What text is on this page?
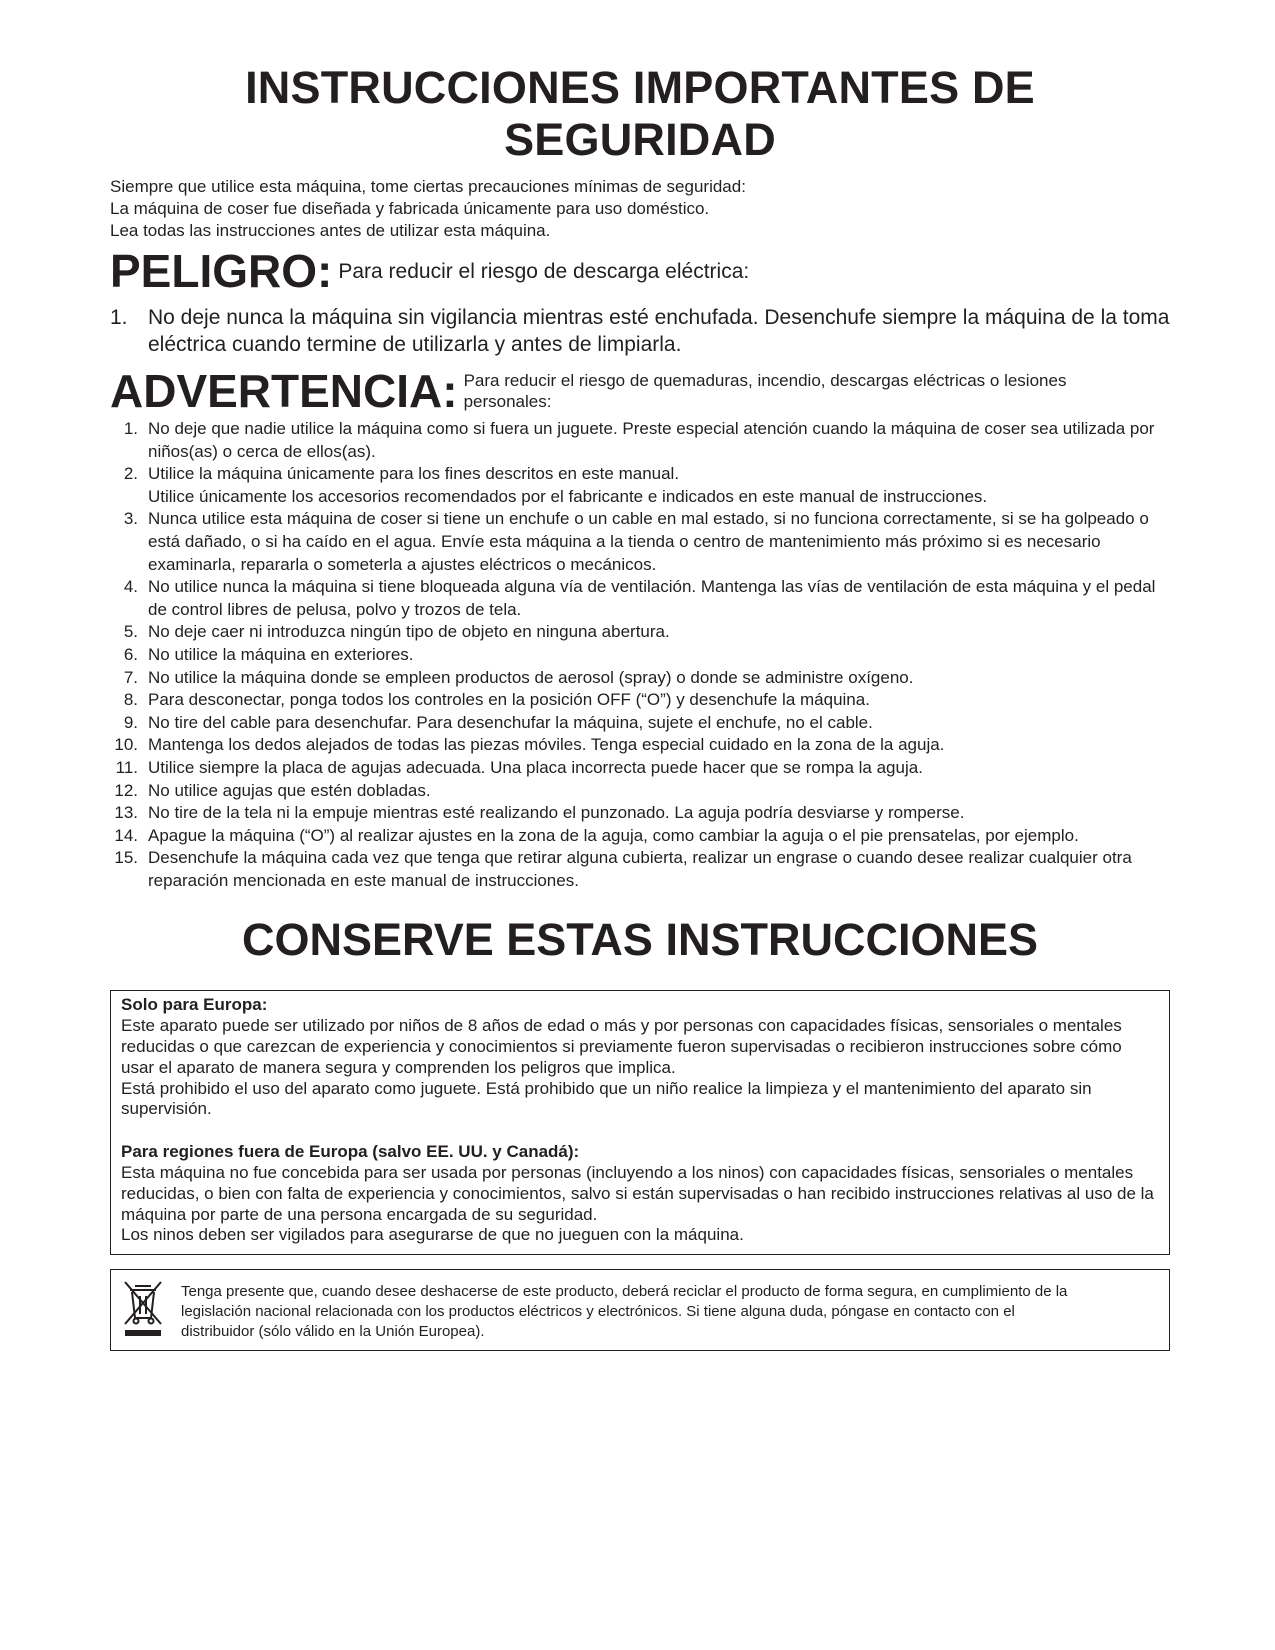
INSTRUCCIONES IMPORTANTES DE SEGURIDAD

Siempre que utilice esta máquina, tome ciertas precauciones mínimas de seguridad:

La máquina de coser fue diseñada y fabricada únicamente para uso doméstico.

Lea todas las instrucciones antes de utilizar esta máquina.

PELIGRO: Para reducir el riesgo de descarga eléctrica:
1. No deje nunca la máquina sin vigilancia mientras esté enchufada. Desenchufe siempre la máquina de la toma eléctrica cuando termine de utilizarla y antes de limpiarla.
ADVERTENCIA: Para reducir el riesgo de quemaduras, incendio, descargas eléctricas o lesiones personales:
1. No deje que nadie utilice la máquina como si fuera un juguete. Preste especial atención cuando la máquina de coser sea utilizada por niños(as) o cerca de ellos(as).
2. Utilice la máquina únicamente para los fines descritos en este manual.
Utilice únicamente los accesorios recomendados por el fabricante e indicados en este manual de instrucciones.
3. Nunca utilice esta máquina de coser si tiene un enchufe o un cable en mal estado, si no funciona correctamente, si se ha golpeado o está dañado, o si ha caído en el agua. Envíe esta máquina a la tienda o centro de mantenimiento más próximo si es necesario examinarla, repararla o someterla a ajustes eléctricos o mecánicos.
4. No utilice nunca la máquina si tiene bloqueada alguna vía de ventilación. Mantenga las vías de ventilación de esta máquina y el pedal de control libres de pelusa, polvo y trozos de tela.
5. No deje caer ni introduzca ningún tipo de objeto en ninguna abertura.
6. No utilice la máquina en exteriores.
7. No utilice la máquina donde se empleen productos de aerosol (spray) o donde se administre oxígeno.
8. Para desconectar, ponga todos los controles en la posición OFF (“O”) y desenchufe la máquina.
9. No tire del cable para desenchufar. Para desenchufar la máquina, sujete el enchufe, no el cable.
10. Mantenga los dedos alejados de todas las piezas móviles. Tenga especial cuidado en la zona de la aguja.
11. Utilice siempre la placa de agujas adecuada. Una placa incorrecta puede hacer que se rompa la aguja.
12. No utilice agujas que estén dobladas.
13. No tire de la tela ni la empuje mientras esté realizando el punzonado. La aguja podría desviarse y romperse.
14. Apague la máquina (“O”) al realizar ajustes en la zona de la aguja, como cambiar la aguja o el pie prensatelas, por ejemplo.
15. Desenchufe la máquina cada vez que tenga que retirar alguna cubierta, realizar un engrase o cuando desee realizar cualquier otra reparación mencionada en este manual de instrucciones.
CONSERVE ESTAS INSTRUCCIONES

Solo para Europa:

Este aparato puede ser utilizado por niños de 8 años de edad o más y por personas con capacidades físicas, sensoriales o mentales reducidas o que carezcan de experiencia y conocimientos si previamente fueron supervisadas o recibieron instrucciones sobre cómo usar el aparato de manera segura y comprenden los peligros que implica.

Está prohibido el uso del aparato como juguete. Está prohibido que un niño realice la limpieza y el mantenimiento del aparato sin supervisión.

Para regiones fuera de Europa (salvo EE. UU. y Canadá):

Esta máquina no fue concebida para ser usada por personas (incluyendo a los ninos) con capacidades físicas, sensoriales o mentales reducidas, o bien con falta de experiencia y conocimientos, salvo si están supervisadas o han recibido instrucciones relativas al uso de la máquina por parte de una persona encargada de su seguridad.

Los ninos deben ser vigilados para asegurarse de que no jueguen con la máquina.

Tenga presente que, cuando desee deshacerse de este producto, deberá reciclar el producto de forma segura, en cumplimiento de la legislación nacional relacionada con los productos eléctricos y electrónicos. Si tiene alguna duda, póngase en contacto con el distribuidor (sólo válido en la Unión Europea).
